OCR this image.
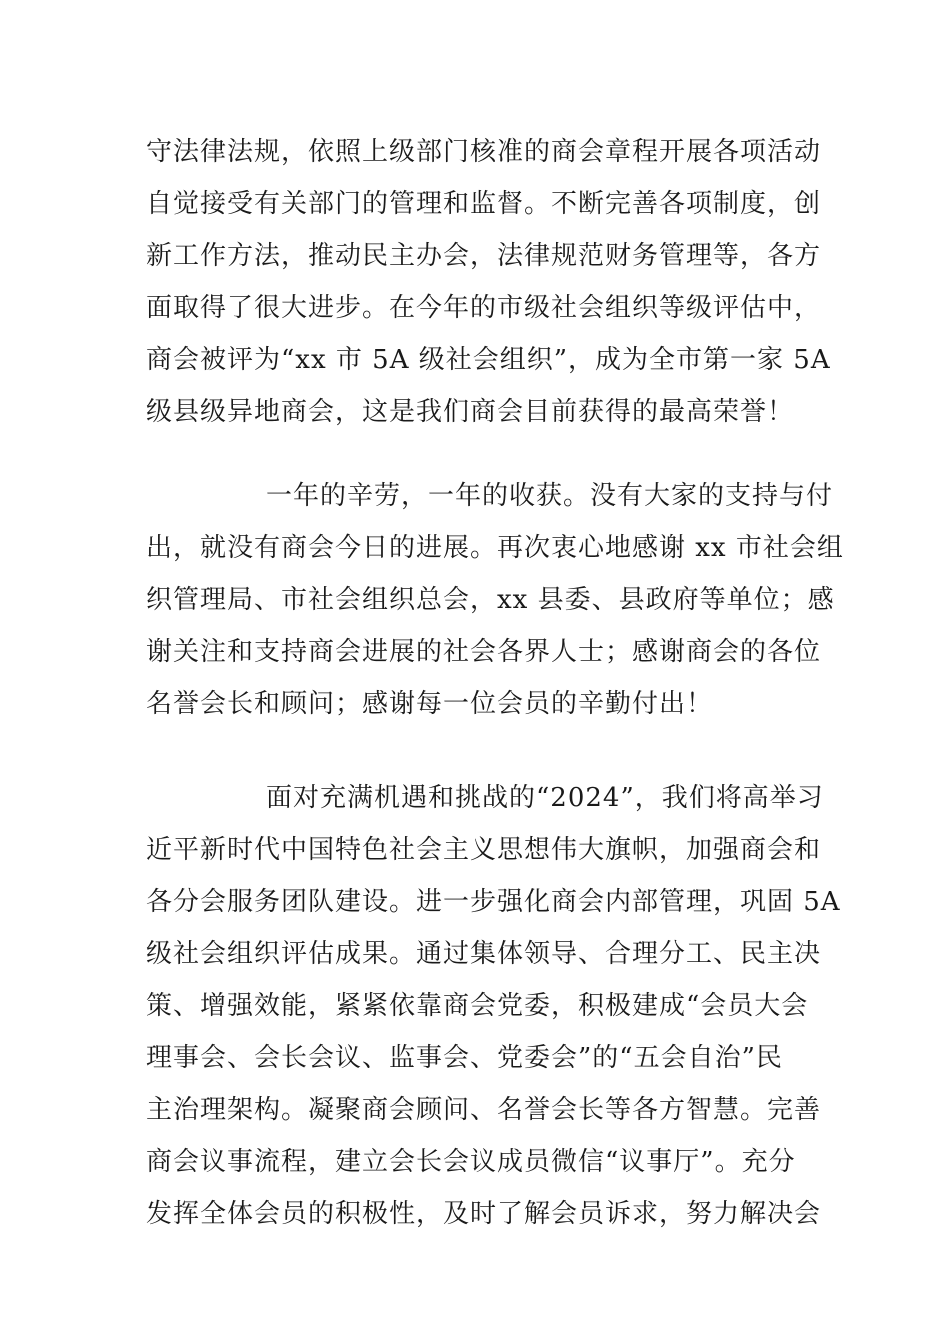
守法律法规，依照上级部门核准的商会章程开展各项活动
自觉接受有关部门的管理和监督。不断完善各项制度，创
新工作方法，推动民主办会，法律规范财务管理等，各方
面取得了很大进步。在今年的市级社会组织等级评估中，
商会被评为“xx 市 5A 级社会组织”，成为全市第一家 5A
级县级异地商会，这是我们商会目前获得的最高荣誉！
一年的辛劳，一年的收获。没有大家的支持与付
出，就没有商会今日的进展。再次衷心地感谢 xx 市社会组
织管理局、市社会组织总会，xx 县委、县政府等单位；感
谢关注和支持商会进展的社会各界人士；感谢商会的各位
名誉会长和顾问；感谢每一位会员的辛勤付出！
面对充满机遇和挑战的“2024”，我们将高举习
近平新时代中国特色社会主义思想伟大旗帜，加强商会和
各分会服务团队建设。进一步强化商会内部管理，巩固 5A
级社会组织评估成果。通过集体领导、合理分工、民主决
策、增强效能，紧紧依靠商会党委，积极建成“会员大会
理事会、会长会议、监事会、党委会”的“五会自治”民
主治理架构。凝聚商会顾问、名誉会长等各方智慧。完善
商会议事流程，建立会长会议成员微信“议事厅”。充分
发挥全体会员的积极性，及时了解会员诉求，努力解决会
